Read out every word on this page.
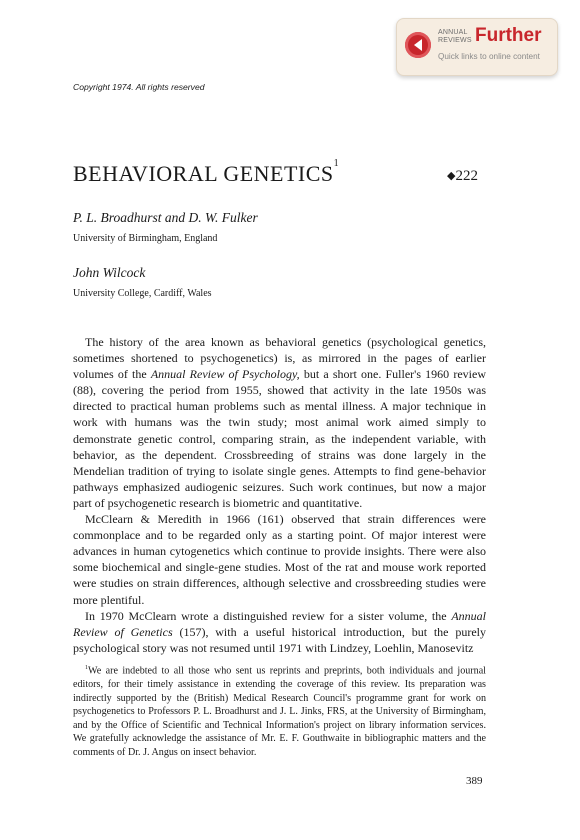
ANNUAL
REVIEWS Further
Quick links to online content
Copyright 1974. All rights reserved
BEHAVIORAL GENETICS$^1$
◆222
P. L. Broadhurst and D. W. Fulker
University of Birmingham, England
John Wilcock
University College, Cardiff, Wales

The history of the area known as behavioral genetics (psychological genetics, sometimes shortened to psychogenetics) is, as mirrored in the pages of earlier volumes of the Annual Review of Psychology, but a short one. Fuller's 1960 review (88), covering the period from 1955, showed that activity in the late 1950s was directed to practical human problems such as mental illness. A major technique in work with humans was the twin study; most animal work aimed simply to demonstrate genetic control, comparing strain, as the independent variable, with behavior, as the dependent. Crossbreeding of strains was done largely in the Mendelian tradition of trying to isolate single genes. Attempts to find gene-behavior pathways emphasized audiogenic seizures. Such work continues, but now a major part of psychogenetic research is biometric and quantitative.

McClearn & Meredith in 1966 (161) observed that strain differences were commonplace and to be regarded only as a starting point. Of major interest were advances in human cytogenetics which continue to provide insights. There were also some biochemical and single-gene studies. Most of the rat and mouse work reported were studies on strain differences, although selective and crossbreeding studies were more plentiful.

In 1970 McClearn wrote a distinguished review for a sister volume, the Annual Review of Genetics (157), with a useful historical introduction, but the purely psychological story was not resumed until 1971 with Lindzey, Loehlin, Manosevitz

$^1$We are indebted to all those who sent us reprints and preprints, both individuals and journal editors, for their timely assistance in extending the coverage of this review. Its preparation was indirectly supported by the (British) Medical Research Council's programme grant for work on psychogenetics to Professors P. L. Broadhurst and J. L. Jinks, FRS, at the University of Birmingham, and by the Office of Scientific and Technical Information's project on library information services. We gratefully acknowledge the assistance of Mr. E. F. Gouthwaite in bibliographic matters and the comments of Dr. J. Angus on insect behavior.

389
